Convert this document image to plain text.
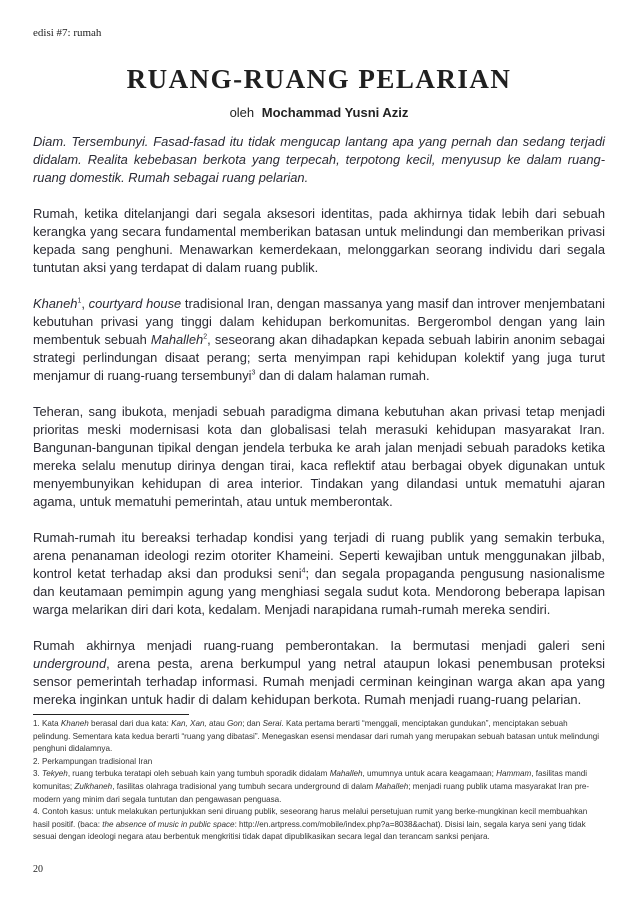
edisi #7: rumah
RUANG-RUANG PELARIAN
oleh Mochammad Yusni Aziz

Diam. Tersembunyi. Fasad-fasad itu tidak mengucap lantang apa yang pernah dan sedang terjadi didalam. Realita kebebasan berkota yang terpecah, terpotong kecil, menyusup ke dalam ruang-ruang domestik. Rumah sebagai ruang pelarian.

Rumah, ketika ditelanjangi dari segala aksesori identitas, pada akhirnya tidak lebih dari sebuah kerangka yang secara fundamental memberikan batasan untuk melindungi dan memberikan privasi kepada sang penghuni. Menawarkan kemerdekaan, melonggarkan seorang individu dari segala tuntutan aksi yang terdapat di dalam ruang publik.

Khaneh$^1$, courtyard house tradisional Iran, dengan massanya yang masif dan introver menjembatani kebutuhan privasi yang tinggi dalam kehidupan berkomunitas. Bergerombol dengan yang lain membentuk sebuah Mahalleh$^2$, seseorang akan dihadapkan kepada sebuah labirin anonim sebagai strategi perlindungan disaat perang; serta menyimpan rapi kehidupan kolektif yang juga turut menjamur di ruang-ruang tersembunyi$^3$ dan di dalam halaman rumah.

Teheran, sang ibukota, menjadi sebuah paradigma dimana kebutuhan akan privasi tetap menjadi prioritas meski modernisasi kota dan globalisasi telah merasuki kehidupan masyarakat Iran. Bangunan-bangunan tipikal dengan jendela terbuka ke arah jalan menjadi sebuah paradoks ketika mereka selalu menutup dirinya dengan tirai, kaca reflektif atau berbagai obyek digunakan untuk menyembunyikan kehidupan di area interior. Tindakan yang dilandasi untuk mematuhi ajaran agama, untuk mematuhi pemerintah, atau untuk memberontak.

Rumah-rumah itu bereaksi terhadap kondisi yang terjadi di ruang publik yang semakin terbuka, arena penanaman ideologi rezim otoriter Khameini. Seperti kewajiban untuk menggunakan jilbab, kontrol ketat terhadap aksi dan produksi seni$^4$; dan segala propaganda pengusung nasionalisme dan keutamaan pemimpin agung yang menghiasi segala sudut kota. Mendorong beberapa lapisan warga melarikan diri dari kota, kedalam. Menjadi narapidana rumah-rumah mereka sendiri.

Rumah akhirnya menjadi ruang-ruang pemberontakan. Ia bermutasi menjadi galeri seni underground, arena pesta, arena berkumpul yang netral ataupun lokasi penembusan proteksi sensor pemerintah terhadap informasi. Rumah menjadi cerminan keinginan warga akan apa yang mereka inginkan untuk hadir di dalam kehidupan berkota. Rumah menjadi ruang-ruang pelarian.

1. Kata Khaneh berasal dari dua kata: Kan, Xan, atau Gon; dan Serai. Kata pertama berarti “menggali, menciptakan gundukan”, menciptakan sebuah pelindung. Sementara kata kedua berarti “ruang yang dibatasi”. Menegaskan esensi mendasar dari rumah yang merupakan sebuah batasan untuk melindungi penghuni didalamnya.
2. Perkampungan tradisional Iran
3. Tekyeh, ruang terbuka teratapi oleh sebuah kain yang tumbuh sporadik didalam Mahalleh, umumnya untuk acara keagamaan; Hammam, fasilitas mandi komunitas; Zulkhaneh, fasilitas olahraga tradisional yang tumbuh secara underground di dalam Mahalleh; menjadi ruang publik utama masyarakat Iran pre-modern yang minim dari segala tuntutan dan pengawasan penguasa.
4. Contoh kasus: untuk melakukan pertunjukkan seni diruang publik, seseorang harus melalui persetujuan rumit yang berke-mungkinan kecil membuahkan hasil positif. (baca: the absence of music in public space: http://en.artpress.com/mobile/index.php?a=8038&achat). Disisi lain, segala karya seni yang tidak sesuai dengan ideologi negara atau berbentuk mengkritisi tidak dapat dipublikasikan secara legal dan terancam sanksi penjara.
20
